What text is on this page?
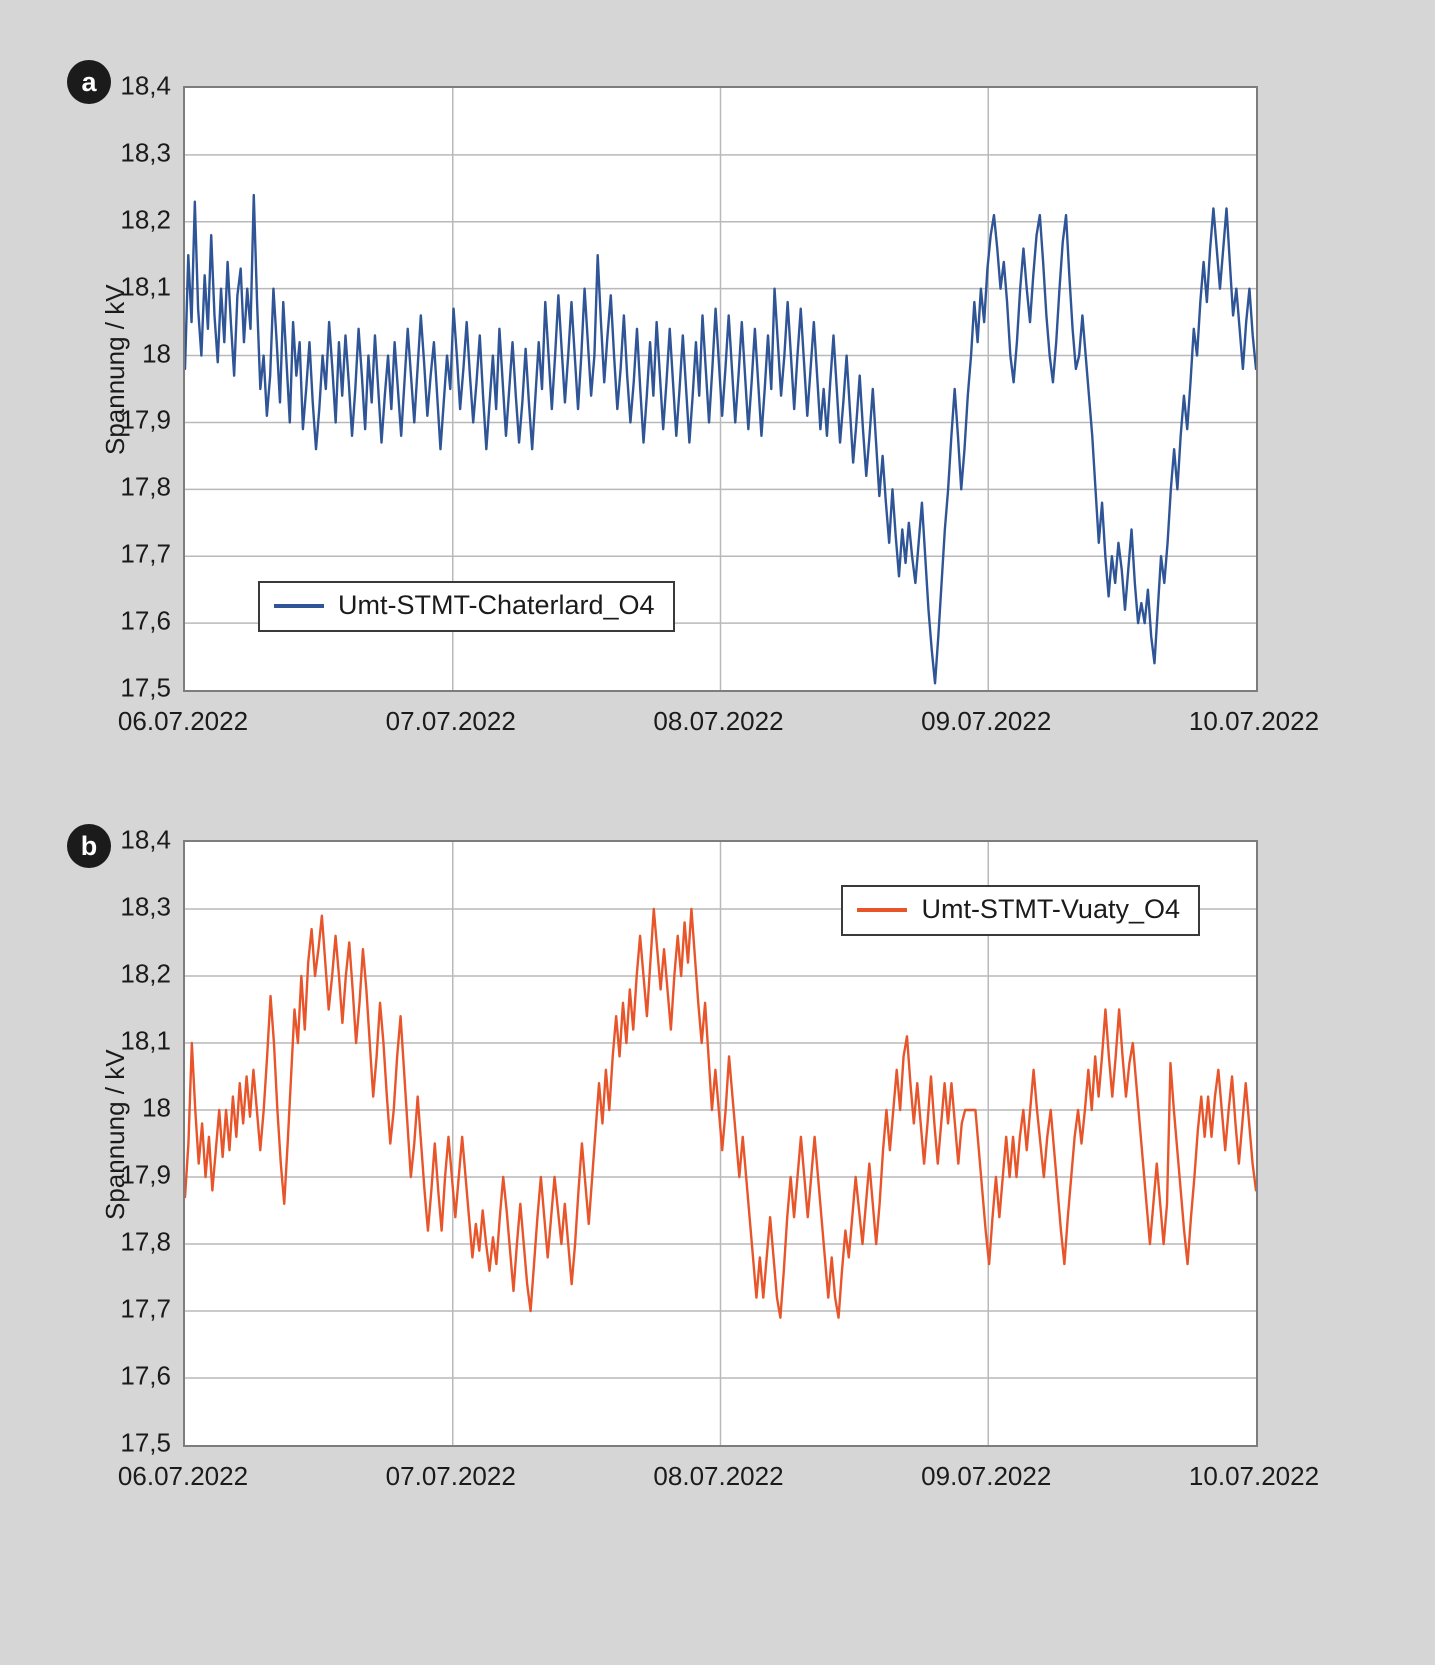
a
Spannung / kV
Umt-STMT-Chaterlard_O4
17,5
17,6
17,7
17,8
17,9
18
18,1
18,2
18,3
18,4
06.07.2022	07.07.2022	08.07.2022	09.07.2022	10.07.2022
b
Spannung / kV
Umt-STMT-Vuaty_O4
17,5
17,6
17,7
17,8
17,9
18
18,1
18,2
18,3
18,4
06.07.2022	07.07.2022	08.07.2022	09.07.2022	10.07.2022
